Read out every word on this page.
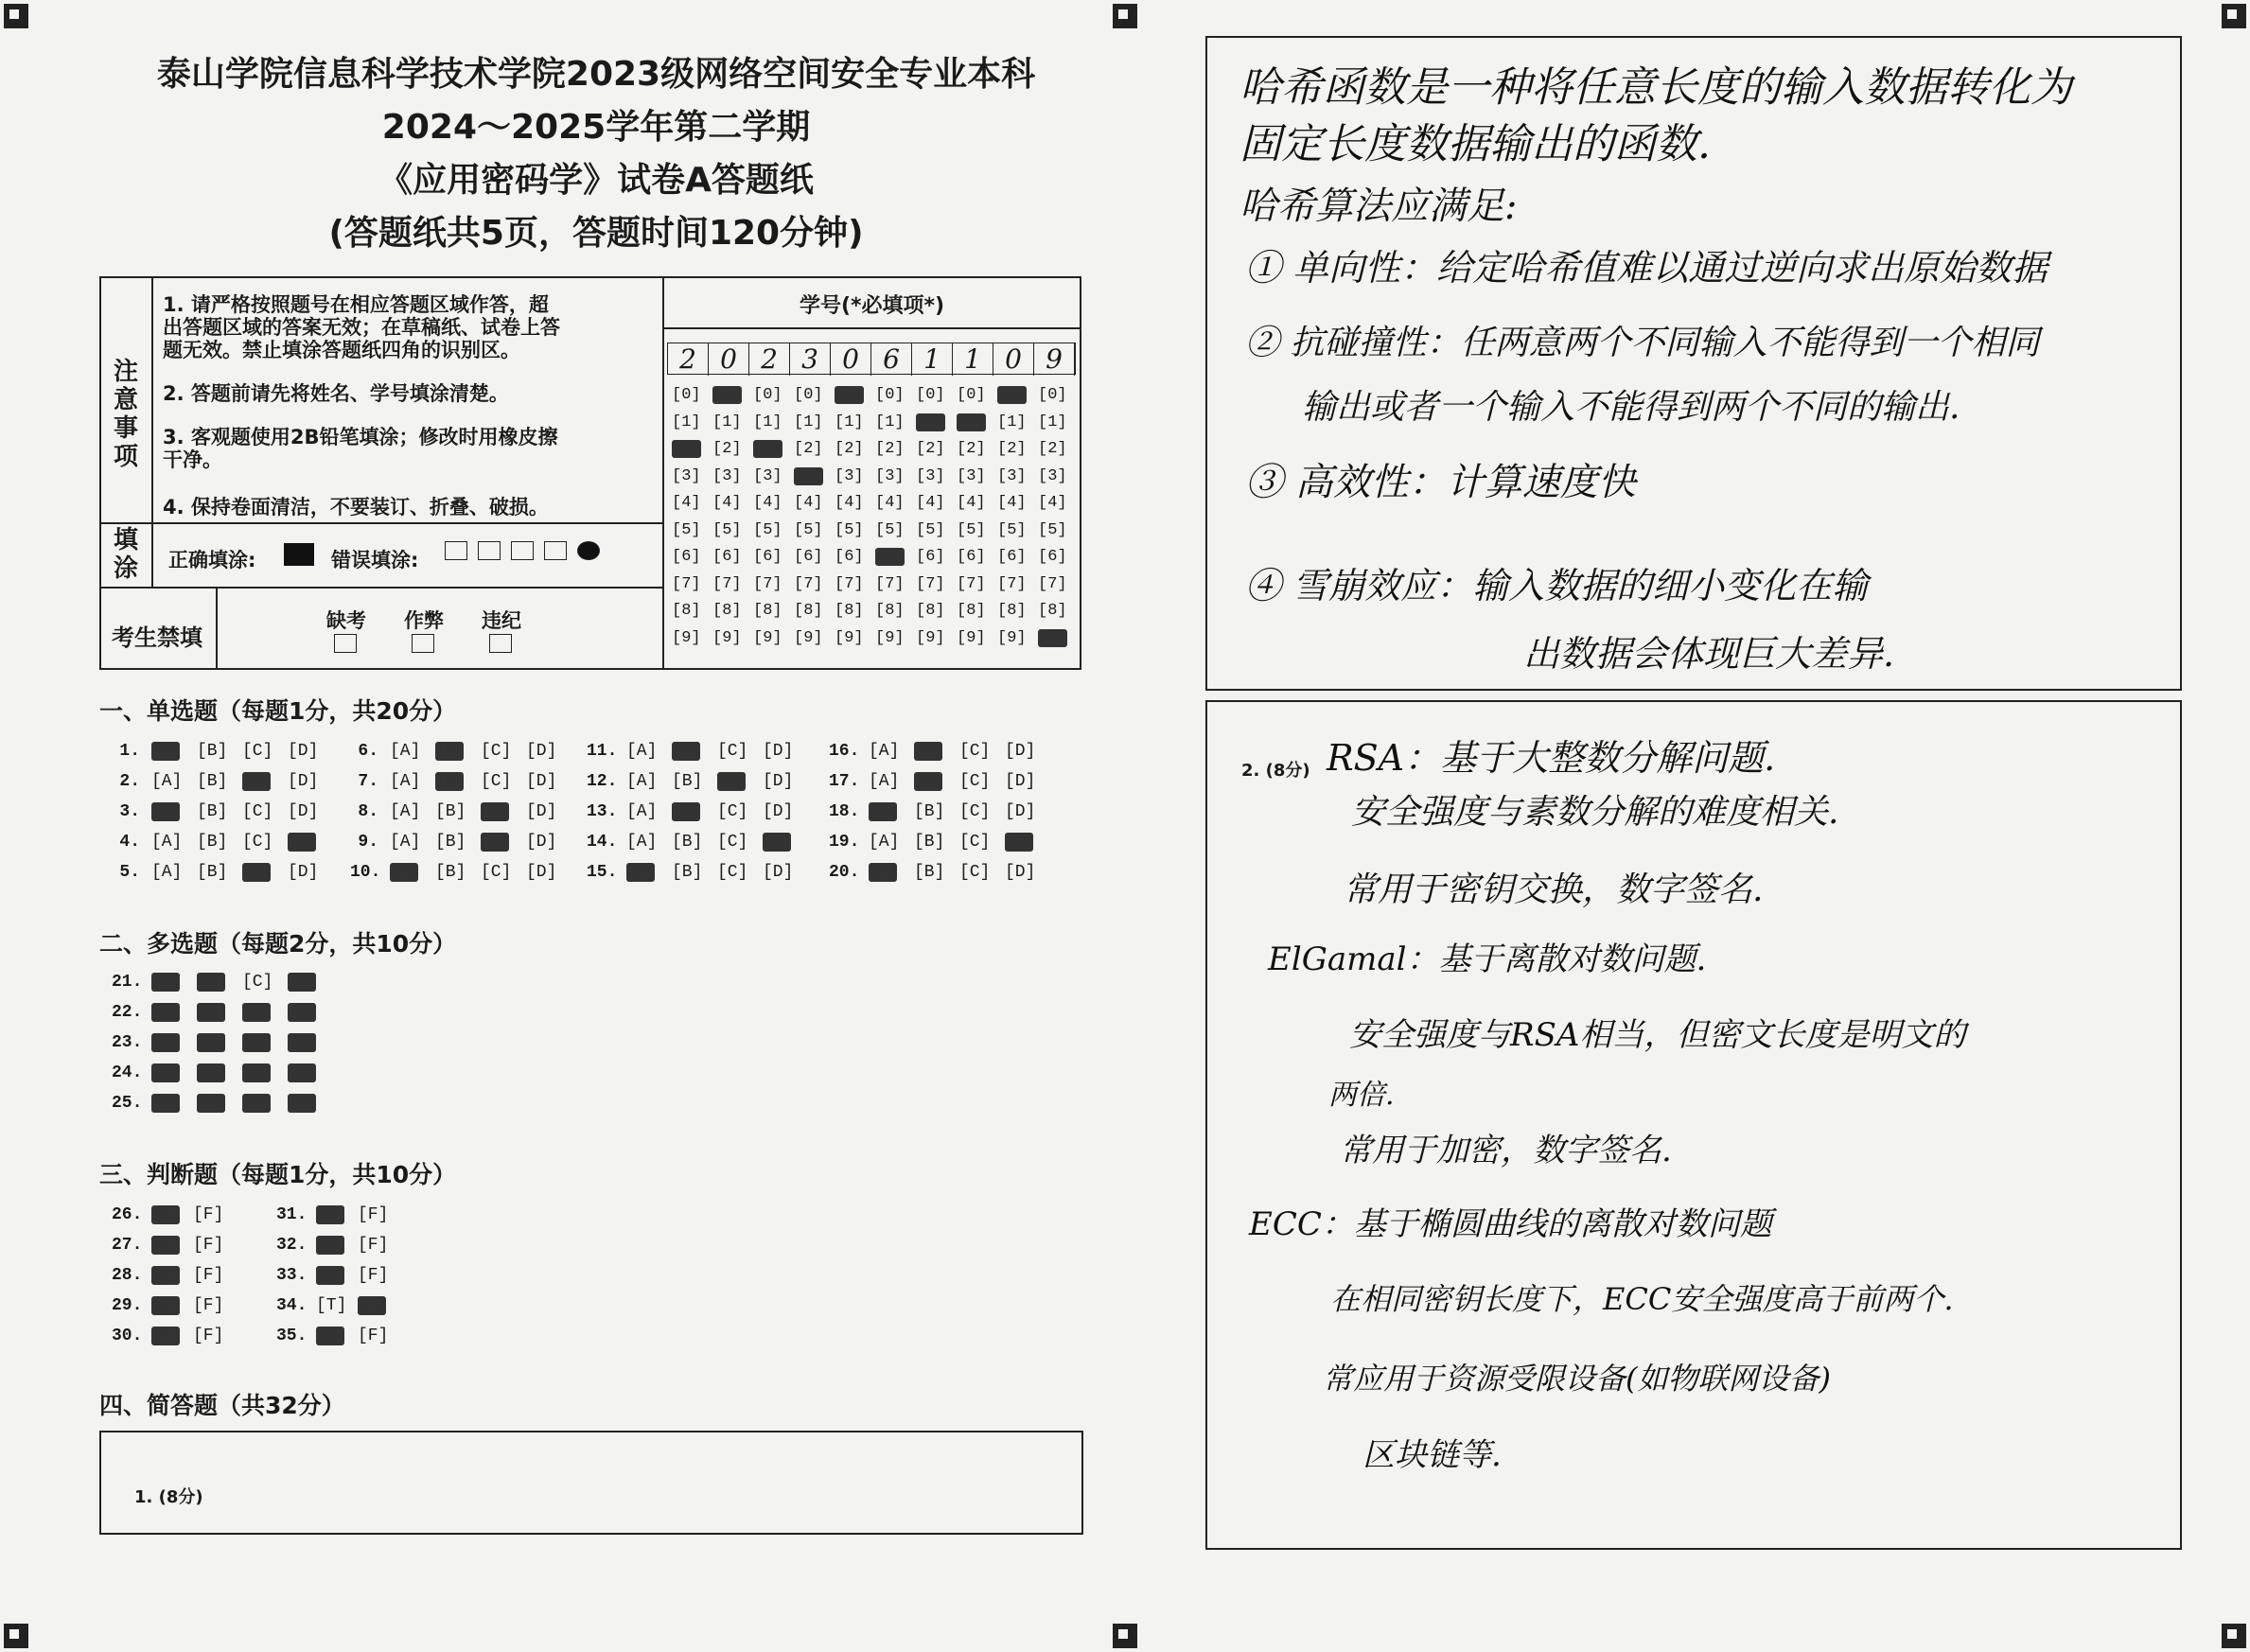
泰山学院信息科学技术学院2023级网络空间安全专业本科
2024～2025学年第二学期
《应用密码学》试卷A答题纸
(答题纸共5页，答题时间120分钟)
注意事项
1. 请严格按照题号在相应答题区域作答，超
出答题区域的答案无效；在草稿纸、试卷上答
题无效。禁止填涂答题纸四角的识别区。
2. 答题前请先将姓名、学号填涂清楚。
3. 客观题使用2B铅笔填涂；修改时用橡皮擦
干净。
4. 保持卷面清洁，不要装订、折叠、破损。
填涂 正确填涂:	错误填涂:

考生禁填
缺考 作弊 违纪
学号(*必填项*)
2 0 2 3 0 6 1 1 0 9
[0]
[1]
[2]
[3]
[4]
[5]
[6]
[7]
[8]
[9]
[0]
[1]
[2]
[3]
[4]
[5]
[6]
[7]
[8]
[9]
[0]
[1]
[2]
[3]
[4]
[5]
[6]
[7]
[8]
[9]
[0]
[1]
[2]
[3]
[4]
[5]
[6]
[7]
[8]
[9]
[0]
[1]
[2]
[3]
[4]
[5]
[6]
[7]
[8]
[9]
[0]
[1]
[2]
[3]
[4]
[5]
[6]
[7]
[8]
[9]
[0]
[1]
[2]
[3]
[4]
[5]
[6]
[7]
[8]
[9]
[0]
[1]
[2]
[3]
[4]
[5]
[6]
[7]
[8]
[9]
[0]
[1]
[2]
[3]
[4]
[5]
[6]
[7]
[8]
[9]
[0]
[1]
[2]
[3]
[4]
[5]
[6]
[7]
[8]
[9]
一、单选题（每题1分，共20分）
1. [A] [B] [C] [D]
2. [A] [B] [C] [D]
3. [A] [B] [C] [D]
4. [A] [B] [C] [D]
5. [A] [B] [C] [D]
6. [A] [B] [C] [D]
7. [A] [B] [C] [D]
8. [A] [B] [C] [D]
9. [A] [B] [C] [D]
10. [A] [B] [C] [D]
11. [A] [B] [C] [D]
12. [A] [B] [C] [D]
13. [A] [B] [C] [D]
14. [A] [B] [C] [D]
15. [A] [B] [C] [D]
16. [A] [B] [C] [D]
17. [A] [B] [C] [D]
18. [A] [B] [C] [D]
19. [A] [B] [C] [D]
20. [A] [B] [C] [D]
二、多选题（每题2分，共10分）
21. [A] [B] [C] [D]
22. [A] [B] [C] [D]
23. [A] [B] [C] [D]
24. [A] [B] [C] [D]
25. [A] [B] [C] [D]
三、判断题（每题1分，共10分）
26. [T] [F]
27. [T] [F]
28. [T] [F]
29. [T] [F]
30. [T] [F]
31. [T] [F]
32. [T] [F]
33. [T] [F]
34. [T] [F]
35. [T] [F]
四、简答题（共32分）
1. (8分)
2. (8分)
哈希函数是一种将任意长度的输入数据转化为
固定长度数据输出的函数.
哈希算法应满足:
① 单向性：给定哈希值难以通过逆向求出原始数据
② 抗碰撞性：任两意两个不同输入不能得到一个相同
输出或者一个输入不能得到两个不同的输出.
③ 高效性：计算速度快
④ 雪崩效应：输入数据的细小变化在输
出数据会体现巨大差异.
RSA：基于大整数分解问题.
安全强度与素数分解的难度相关.
常用于密钥交换，数字签名.
ElGamal：基于离散对数问题.
安全强度与RSA相当，但密文长度是明文的
两倍.
常用于加密，数字签名.
ECC：基于椭圆曲线的离散对数问题
在相同密钥长度下，ECC安全强度高于前两个.
常应用于资源受限设备(如物联网设备)
区块链等.
